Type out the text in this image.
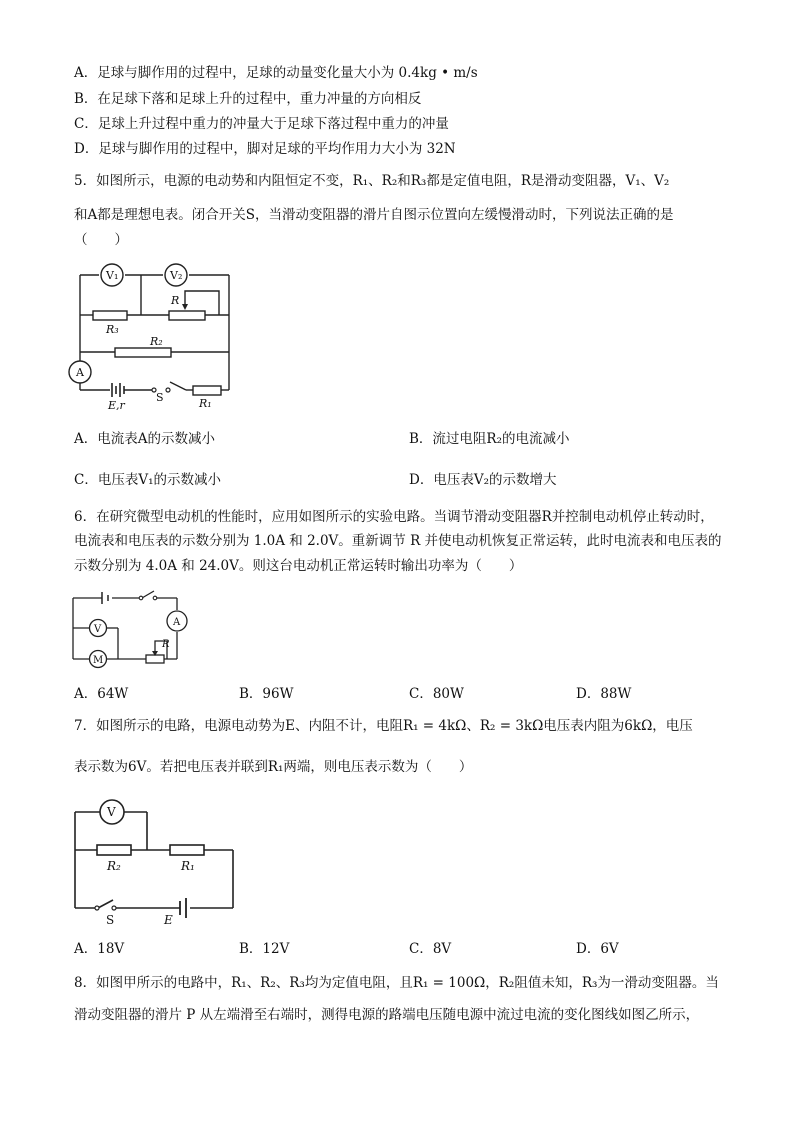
A．足球与脚作用的过程中，足球的动量变化量大小为 0.4kg • m/s
B．在足球下落和足球上升的过程中，重力冲量的方向相反
C．足球上升过程中重力的冲量大于足球下落过程中重力的冲量
D．足球与脚作用的过程中，脚对足球的平均作用力大小为 32N
5．如图所示，电源的电动势和内阻恒定不变，R₁、R₂和R₃都是定值电阻，R是滑动变阻器，V₁、V₂
和A都是理想电表。闭合开关S，当滑动变阻器的滑片自图示位置向左缓慢滑动时，下列说法正确的是
（　　）
V₁	V₂
R
R₃
R₂
A
E,r
S	R₁
A．电流表A的示数减小	B．流过电阻R₂的电流减小
C．电压表V₁的示数减小	D．电压表V₂的示数增大
6．在研究微型电动机的性能时，应用如图所示的实验电路。当调节滑动变阻器R并控制电动机停止转动时，
电流表和电压表的示数分别为 1.0A 和 2.0V。重新调节 R 并使电动机恢复正常运转，此时电流表和电压表的
示数分别为 4.0A 和 24.0V。则这台电动机正常运转时输出功率为（　　）
A
V
M
R
A．64W	B．96W	C．80W	D．88W
7．如图所示的电路，电源电动势为E、内阻不计，电阻R₁ = 4kΩ、R₂ = 3kΩ电压表内阻为6kΩ，电压
表示数为6V。若把电压表并联到R₁两端，则电压表示数为（　　）
V
R₂	R₁
S	E
A．18V	B．12V	C．8V	D．6V
8．如图甲所示的电路中，R₁、R₂、R₃均为定值电阻，且R₁ = 100Ω，R₂阻值未知，R₃为一滑动变阻器。当
滑动变阻器的滑片 P 从左端滑至右端时，测得电源的路端电压随电源中流过电流的变化图线如图乙所示，
